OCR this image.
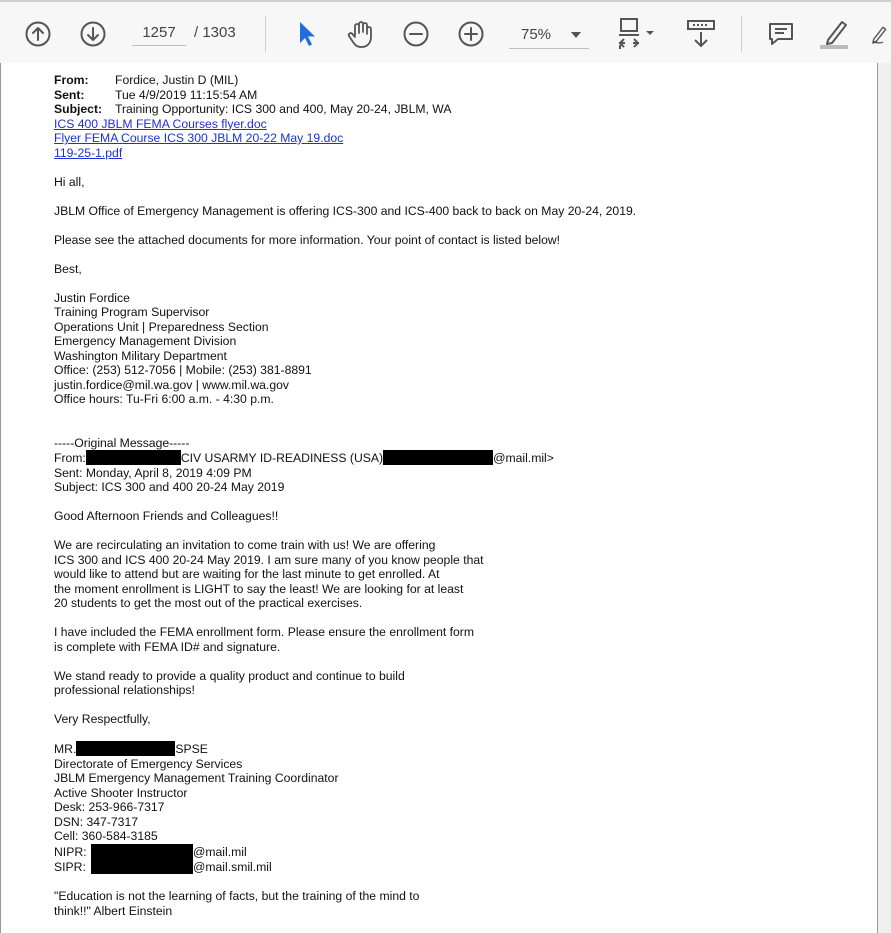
1257
/ 1303	75%
From:	Fordice, Justin D (MIL)
Sent:	Tue 4/9/2019 11:15:54 AM
Subject:	Training Opportunity: ICS 300 and 400, May 20-24, JBLM, WA
ICS 400 JBLM FEMA Courses flyer.doc
Flyer FEMA Course ICS 300 JBLM 20-22 May 19.doc
119-25-1.pdf

Hi all,

JBLM Office of Emergency Management is offering ICS-300 and ICS-400 back to back on May 20-24, 2019.

Please see the attached documents for more information. Your point of contact is listed below!

Best,

Justin Fordice

Training Program Supervisor

Operations Unit | Preparedness Section

Emergency Management Division

Washington Military Department

Office: (253) 512-7056 | Mobile: (253) 381-8891

justin.fordice@mil.wa.gov | www.mil.wa.gov

Office hours: Tu-Fri 6:00 a.m. - 4:30 p.m.

-----Original Message-----

From:	CIV USARMY ID-READINESS (USA)	@mail.mil>

Sent: Monday, April 8, 2019 4:09 PM

Subject: ICS 300 and 400 20-24 May 2019

Good Afternoon Friends and Colleagues!!

We are recirculating an invitation to come train with us! We are offering

ICS 300 and ICS 400 20-24 May 2019. I am sure many of you know people that

would like to attend but are waiting for the last minute to get enrolled. At

the moment enrollment is LIGHT to say the least! We are looking for at least

20 students to get the most out of the practical exercises.

I have included the FEMA enrollment form. Please ensure the enrollment form

is complete with FEMA ID# and signature.

We stand ready to provide a quality product and continue to build

professional relationships!

Very Respectfully,

MR.	SPSE

Directorate of Emergency Services

JBLM Emergency Management Training Coordinator

Active Shooter Instructor

Desk: 253-966-7317

DSN: 347-7317

Cell: 360-584-3185

NIPR:	@mail.mil

SIPR:	@mail.smil.mil

"Education is not the learning of facts, but the training of the mind to

think!!" Albert Einstein
